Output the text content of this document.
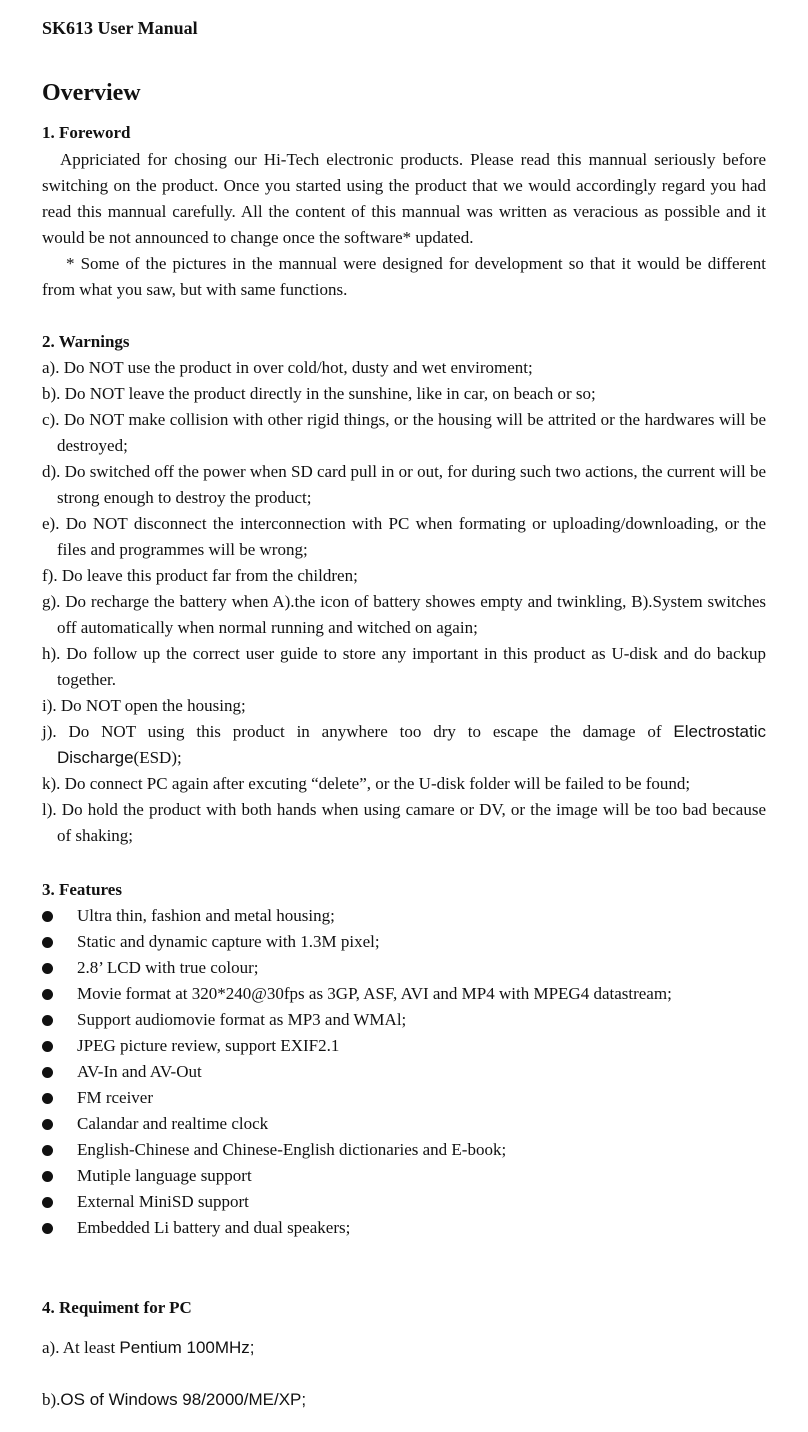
SK613 User Manual
Overview
1. Foreword
Appriciated for chosing our Hi-Tech electronic products. Please read this mannual seriously before switching on the product. Once you started using the product that we would accordingly regard you had read this mannual carefully. All the content of this mannual was written as veracious as possible and it would be not announced to change once the software* updated.
* Some of the pictures in the mannual were designed for development so that it would be different from what you saw, but with same functions.
2. Warnings
a). Do NOT use the product in over cold/hot, dusty and wet enviroment;
b). Do NOT leave the product directly in the sunshine, like in car, on beach or so;
c). Do NOT make collision with other rigid things, or the housing will be attrited or the hardwares will be destroyed;
d). Do switched off the power when SD card pull in or out, for during such two actions, the current will be strong enough to destroy the product;
e). Do NOT disconnect the interconnection with PC when formating or uploading/downloading, or the files and programmes will be wrong;
f). Do leave this product far from the children;
g). Do recharge the battery when A).the icon of battery showes empty and twinkling, B).System switches off automatically when normal running and witched on again;
h). Do follow up the correct user guide to store any important in this product as U-disk and do backup together.
i). Do NOT open the housing;
j). Do NOT using this product in anywhere too dry to escape the damage of Electrostatic Discharge(ESD);
k). Do connect PC again after excuting “delete”, or the U-disk folder will be failed to be found;
l). Do hold the product with both hands when using camare or DV, or the image will be too bad because of shaking;
3. Features
Ultra thin, fashion and metal housing;
Static and dynamic capture with 1.3M pixel;
2.8’ LCD with true colour;
Movie format at 320*240@30fps as 3GP, ASF, AVI and MP4 with MPEG4 datastream;
Support audiomovie format as MP3 and WMAl;
JPEG picture review, support EXIF2.1
AV-In and AV-Out
FM rceiver
Calandar and realtime clock
English-Chinese and Chinese-English dictionaries and E-book;
Mutiple language support
External MiniSD support
Embedded Li battery and dual speakers;
4. Requiment for PC
a). At least Pentium 100MHz;
b).OS of Windows 98/2000/ME/XP;
